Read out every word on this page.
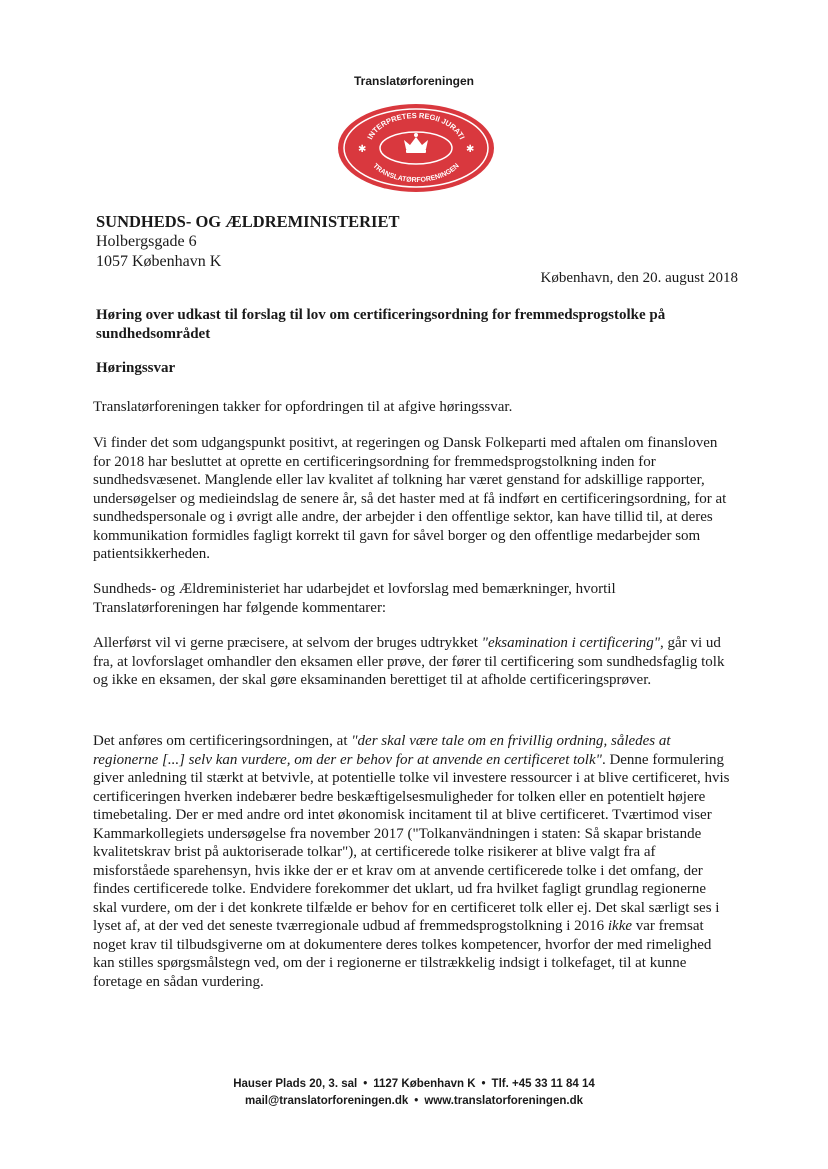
Translatørforeningen
✱	✱
INTERPRETES REGII JURATI
TRANSLATØRFORENINGEN
SUNDHEDS- OG ÆLDREMINISTERIET
Holbergsgade 6
1057 København K
København, den 20. august 2018
Høring over udkast til forslag til lov om certificeringsordning for fremmedsprogstolke på sundhedsområdet
Høringssvar

Translatørforeningen takker for opfordringen til at afgive høringssvar.

Vi finder det som udgangspunkt positivt, at regeringen og Dansk Folkeparti med aftalen om finansloven for 2018 har besluttet at oprette en certificeringsordning for fremmedsprogstolkning inden for sundhedsvæsenet. Manglende eller lav kvalitet af tolkning har været genstand for adskillige rapporter, undersøgelser og medieindslag de senere år, så det haster med at få indført en certificeringsordning, for at sundhedspersonale og i øvrigt alle andre, der arbejder i den offentlige sektor, kan have tillid til, at deres kommunikation formidles fagligt korrekt til gavn for såvel borger og den offentlige medarbejder som patientsikkerheden.

Sundheds- og Ældreministeriet har udarbejdet et lovforslag med bemærkninger, hvortil Translatørforeningen har følgende kommentarer:

Allerførst vil vi gerne præcisere, at selvom der bruges udtrykket "eksamination i certificering", går vi ud fra, at lovforslaget omhandler den eksamen eller prøve, der fører til certificering som sundhedsfaglig tolk og ikke en eksamen, der skal gøre eksaminanden berettiget til at afholde certificeringsprøver.

Det anføres om certificeringsordningen, at "der skal være tale om en frivillig ordning, således at regionerne [...] selv kan vurdere, om der er behov for at anvende en certificeret tolk". Denne formulering giver anledning til stærkt at betvivle, at potentielle tolke vil investere ressourcer i at blive certificeret, hvis certificeringen hverken indebærer bedre beskæftigelsesmuligheder for tolken eller en potentielt højere timebetaling. Der er med andre ord intet økonomisk incitament til at blive certificeret. Tværtimod viser Kammarkollegiets undersøgelse fra november 2017 ("Tolkanvändningen i staten: Så skapar bristande kvalitetskrav brist på auktoriserade tolkar"), at certificerede tolke risikerer at blive valgt fra af misforståede sparehensyn, hvis ikke der er et krav om at anvende certificerede tolke i det omfang, der findes certificerede tolke. Endvidere forekommer det uklart, ud fra hvilket fagligt grundlag regionerne skal vurdere, om der i det konkrete tilfælde er behov for en certificeret tolk eller ej. Det skal særligt ses i lyset af, at der ved det seneste tværregionale udbud af fremmedsprogstolkning i 2016 ikke var fremsat noget krav til tilbudsgiverne om at dokumentere deres tolkes kompetencer, hvorfor der med rimelighed kan stilles spørgsmålstegn ved, om der i regionerne er tilstrækkelig indsigt i tolkefaget, til at kunne foretage en sådan vurdering.

Hauser Plads 20, 3. sal • 1127 København K • Tlf. +45 33 11 84 14
mail@translatorforeningen.dk • www.translatorforeningen.dk
